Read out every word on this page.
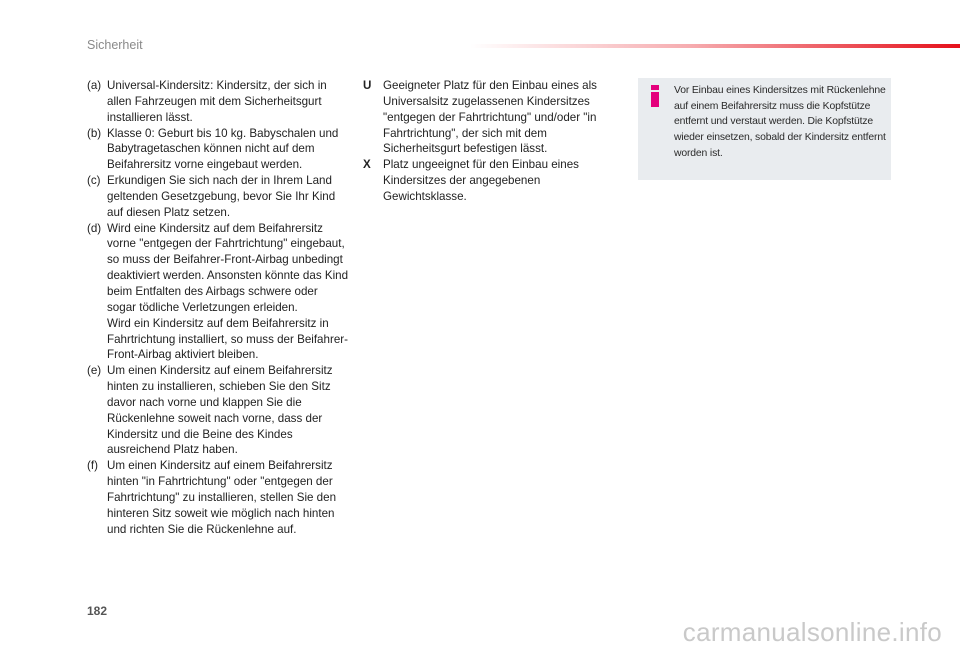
Sicherheit
(a) Universal-Kindersitz: Kindersitz, der sich in allen Fahrzeugen mit dem Sicherheitsgurt installieren lässt.
(b) Klasse 0: Geburt bis 10 kg. Babyschalen und Babytragetaschen können nicht auf dem Beifahrersitz vorne eingebaut werden.
(c) Erkundigen Sie sich nach der in Ihrem Land geltenden Gesetzgebung, bevor Sie Ihr Kind auf diesen Platz setzen.
(d) Wird eine Kindersitz auf dem Beifahrersitz vorne "entgegen der Fahrtrichtung" eingebaut, so muss der Beifahrer-Front-Airbag unbedingt deaktiviert werden. Ansonsten könnte das Kind beim Entfalten des Airbags schwere oder sogar tödliche Verletzungen erleiden.
Wird ein Kindersitz auf dem Beifahrersitz in Fahrtrichtung installiert, so muss der Beifahrer-Front-Airbag aktiviert bleiben.
(e) Um einen Kindersitz auf einem Beifahrersitz hinten zu installieren, schieben Sie den Sitz davor nach vorne und klappen Sie die Rückenlehne soweit nach vorne, dass der Kindersitz und die Beine des Kindes ausreichend Platz haben.
(f) Um einen Kindersitz auf einem Beifahrersitz hinten "in Fahrtrichtung" oder "entgegen der Fahrtrichtung" zu installieren, stellen Sie den hinteren Sitz soweit wie möglich nach hinten und richten Sie die Rückenlehne auf.
U	Geeigneter Platz für den Einbau eines als Universalsitz zugelassenen Kindersitzes "entgegen der Fahrtrichtung" und/oder "in Fahrtrichtung", der sich mit dem Sicherheitsgurt befestigen lässt.
X	Platz ungeeignet für den Einbau eines Kindersitzes der angegebenen Gewichtsklasse.
Vor Einbau eines Kindersitzes mit Rückenlehne auf einem Beifahrersitz muss die Kopfstütze entfernt und verstaut werden. Die Kopfstütze wieder einsetzen, sobald der Kindersitz entfernt worden ist.
182
carmanualsonline.info
